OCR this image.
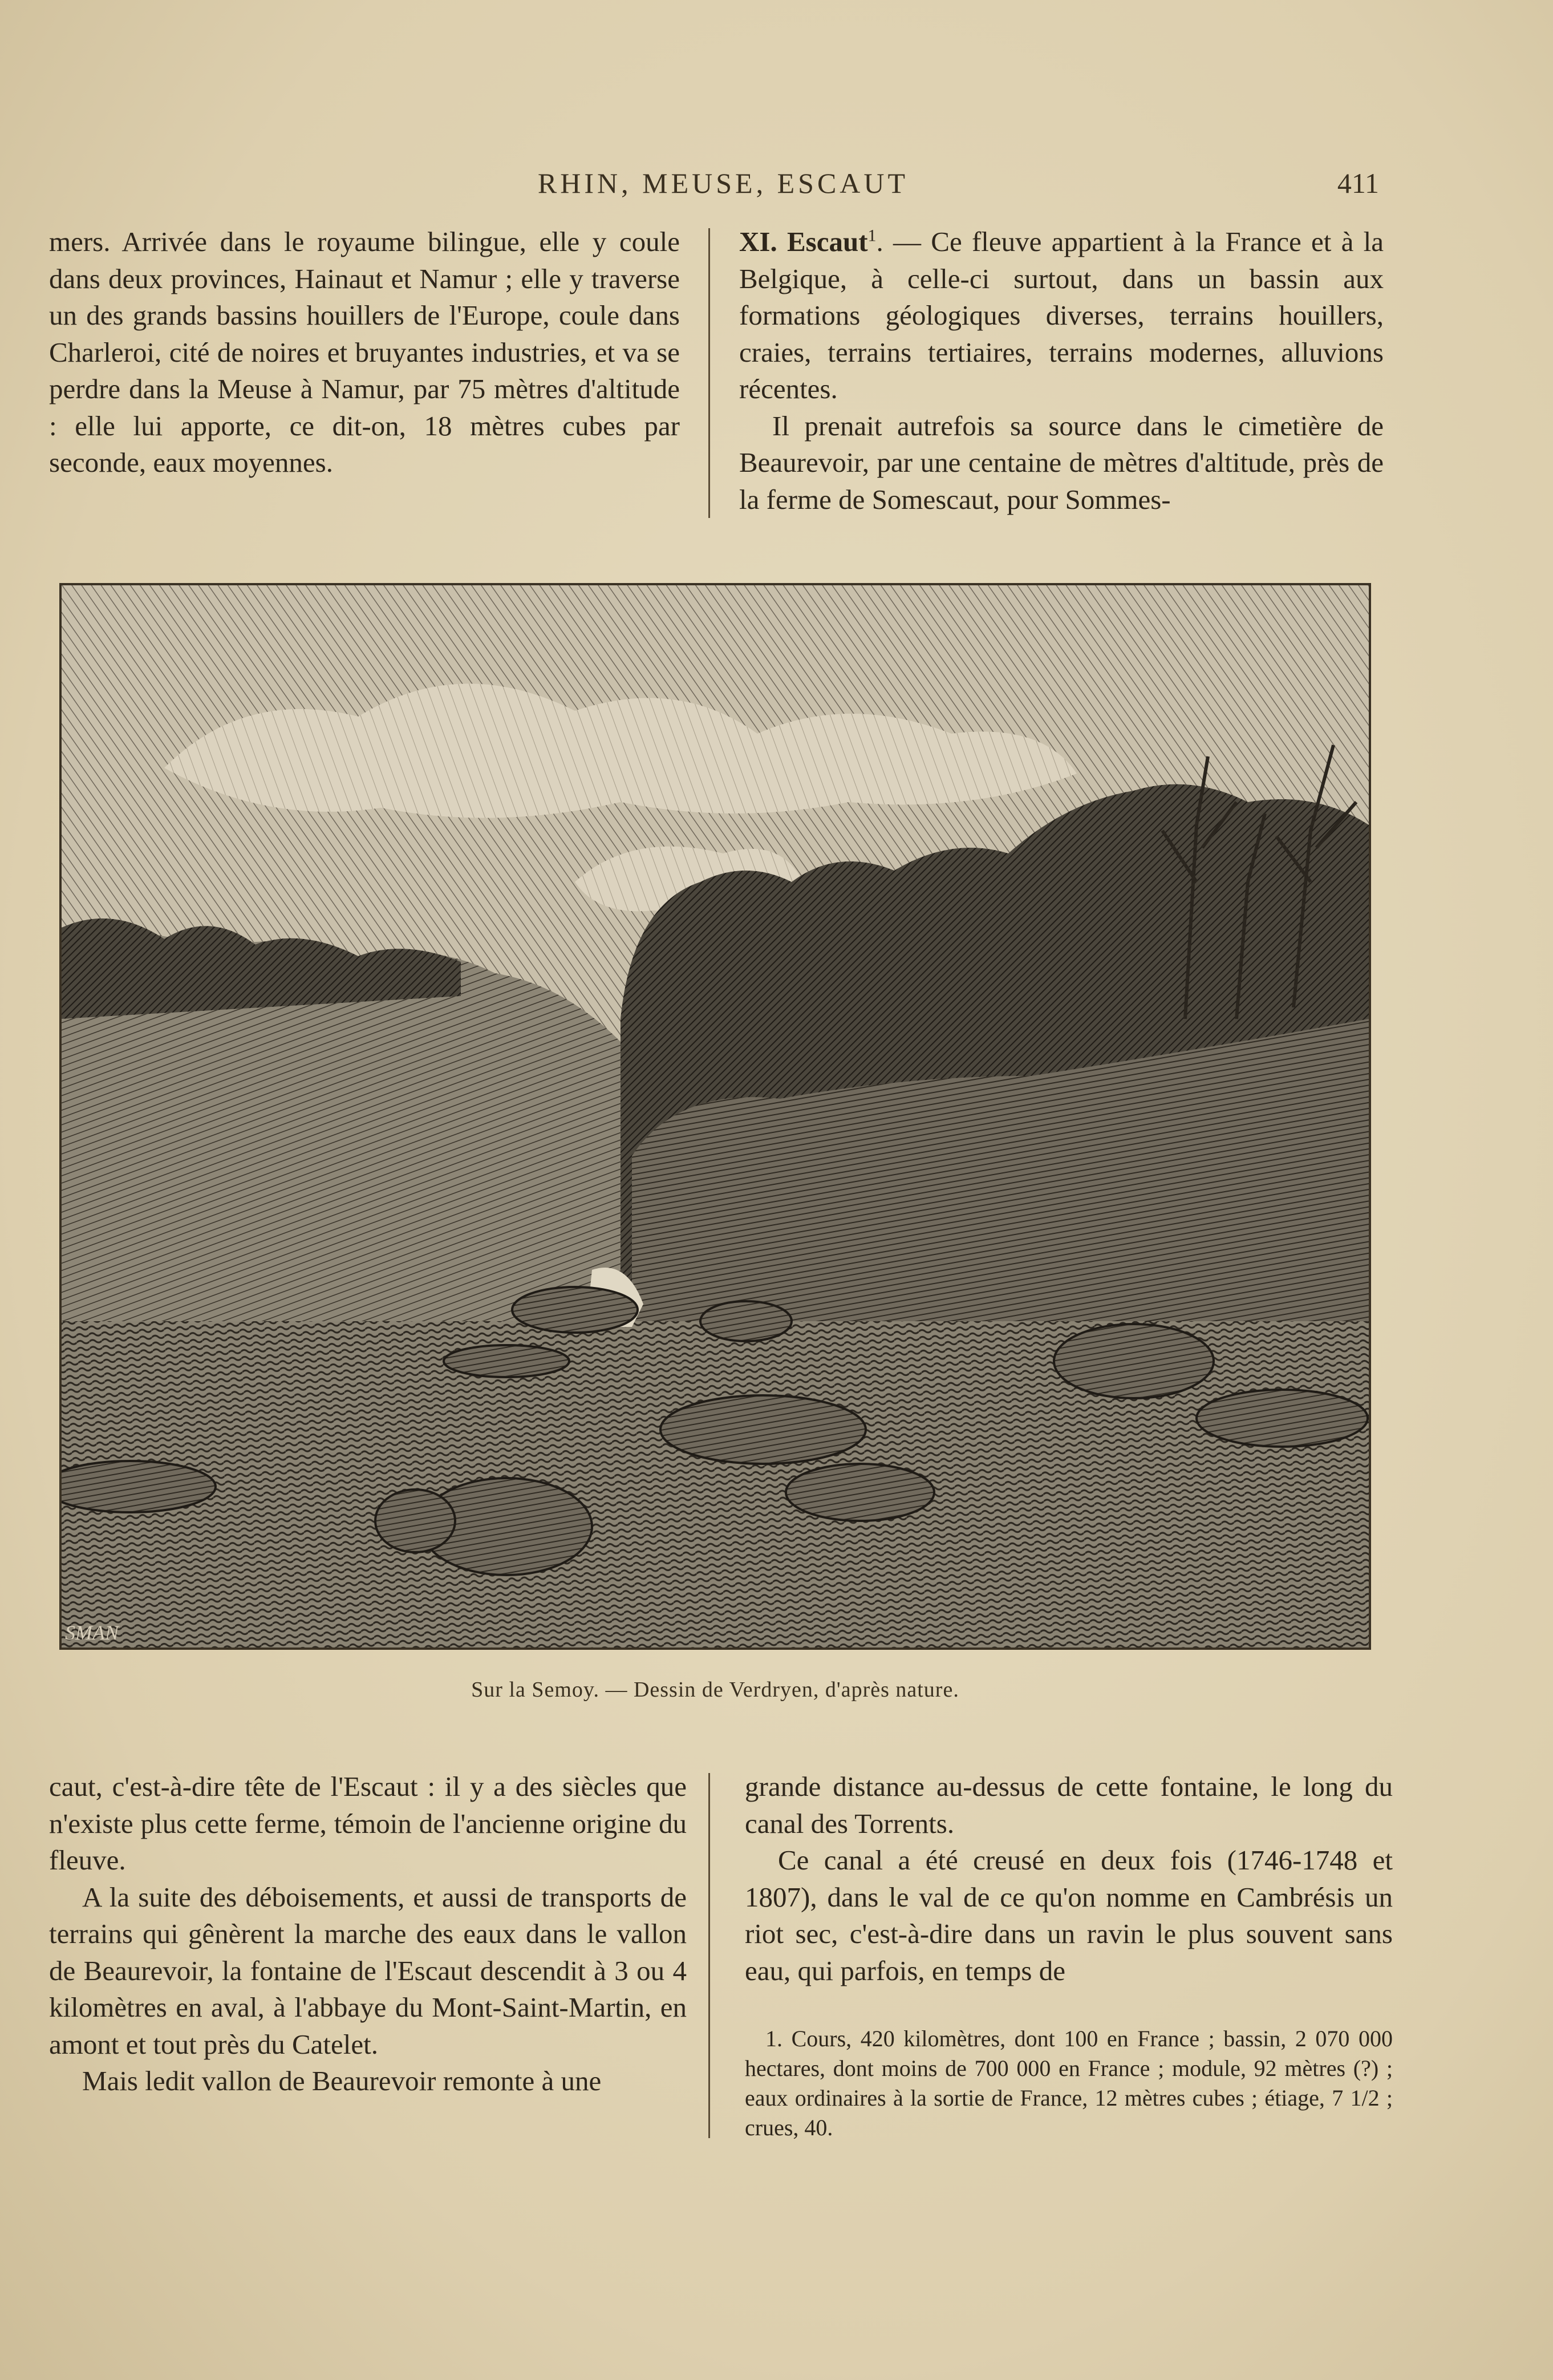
RHIN, MEUSE, ESCAUT	411

mers. Arrivée dans le royaume bilingue, elle y coule dans deux provinces, Hainaut et Namur ; elle y traverse un des grands bassins houillers de l'Europe, coule dans Charleroi, cité de noires et bruyantes industries, et va se perdre dans la Meuse à Namur, par 75 mètres d'altitude : elle lui apporte, ce dit-on, 18 mètres cubes par seconde, eaux moyennes.

XI. Escaut$^1$. — Ce fleuve appartient à la France et à la Belgique, à celle-ci surtout, dans un bassin aux formations géologiques diverses, terrains houillers, craies, terrains tertiaires, terrains modernes, alluvions récentes.

Il prenait autrefois sa source dans le cimetière de Beaurevoir, par une centaine de mètres d'altitude, près de la ferme de Somescaut, pour Sommes-

SMAN
Sur la Semoy. — Dessin de Verdryen, d'après nature.

caut, c'est-à-dire tête de l'Escaut : il y a des siècles que n'existe plus cette ferme, témoin de l'ancienne origine du fleuve.

A la suite des déboisements, et aussi de transports de terrains qui gênèrent la marche des eaux dans le vallon de Beaurevoir, la fontaine de l'Escaut descendit à 3 ou 4 kilomètres en aval, à l'abbaye du Mont-Saint-Martin, en amont et tout près du Catelet.

Mais ledit vallon de Beaurevoir remonte à une

grande distance au-dessus de cette fontaine, le long du canal des Torrents.

Ce canal a été creusé en deux fois (1746-1748 et 1807), dans le val de ce qu'on nomme en Cambrésis un riot sec, c'est-à-dire dans un ravin le plus souvent sans eau, qui parfois, en temps de

1. Cours, 420 kilomètres, dont 100 en France ; bassin, 2 070 000 hectares, dont moins de 700 000 en France ; module, 92 mètres (?) ; eaux ordinaires à la sortie de France, 12 mètres cubes ; étiage, 7 1/2 ; crues, 40.
